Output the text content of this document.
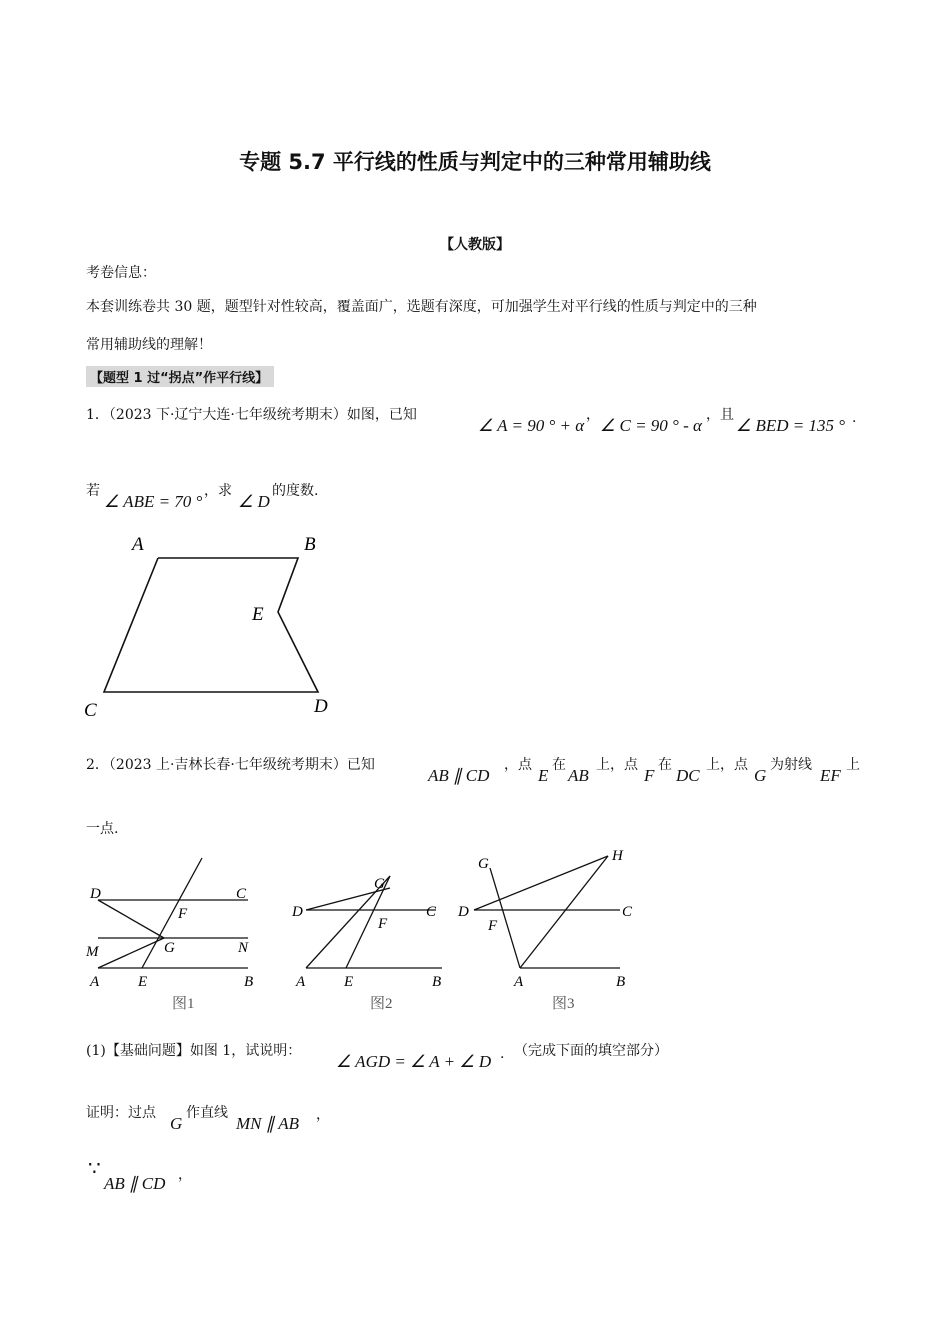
专题 5.7 平行线的性质与判定中的三种常用辅助线
【人教版】
考卷信息：
本套训练卷共 30 题，题型针对性较高，覆盖面广，选题有深度，可加强学生对平行线的性质与判定中的三种
常用辅助线的理解！
【题型 1 过“拐点”作平行线】
1．（2023 下·辽宁大连·七年级统考期末）如图，已知
∠ A = 90 ° + α
，
∠ C = 90 ° - α
，且
∠ BED = 135 ° .
若
∠ ABE = 70 °
，求
∠ D
的度数.
A	B
E
C	D
2．（2023 上·吉林长春·七年级统考期末）已知
AB ∥ CD
，点
E
在
AB
上，点
F
在
DC
上，点
G
为射线
EF
上
一点.
D	C
F
M	G	N
A	E	B
图1
D	C
G
F
A	E	B
图2
G	H
D
F
C
A	B
图3
(1)【基础问题】如图 1，试说明：
∠ AGD = ∠ A + ∠ D . （完成下面的填空部分）
证明：过点
G
作直线
MN ∥ AB ，
∵
AB ∥ CD ，
